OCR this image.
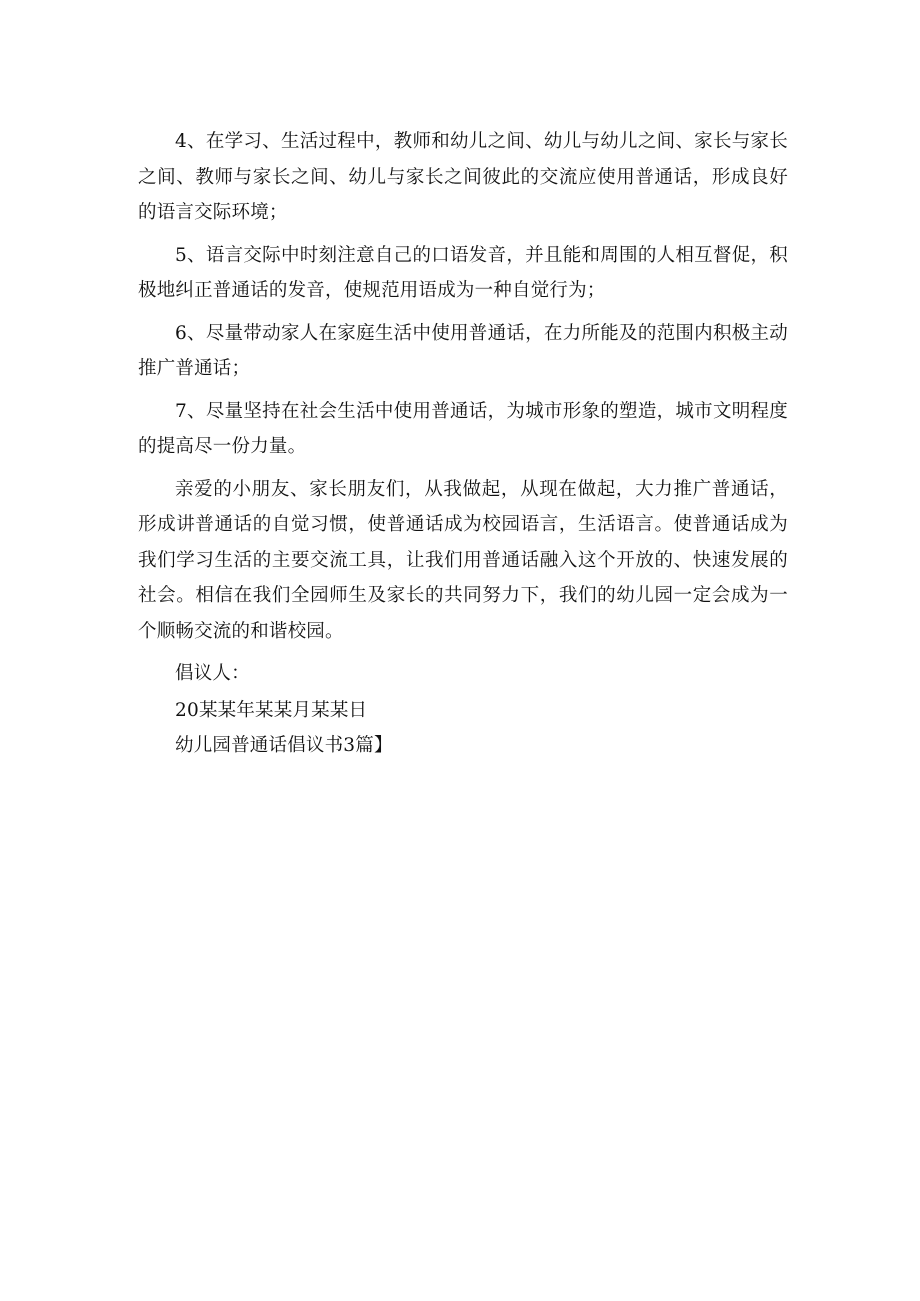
4、在学习、生活过程中，教师和幼儿之间、幼儿与幼儿之间、家长与家长之间、教师与家长之间、幼儿与家长之间彼此的交流应使用普通话，形成良好的语言交际环境；

5、语言交际中时刻注意自己的口语发音，并且能和周围的人相互督促，积极地纠正普通话的发音，使规范用语成为一种自觉行为；

6、尽量带动家人在家庭生活中使用普通话，在力所能及的范围内积极主动推广普通话；

7、尽量坚持在社会生活中使用普通话，为城市形象的塑造，城市文明程度的提高尽一份力量。

亲爱的小朋友、家长朋友们，从我做起，从现在做起，大力推广普通话，形成讲普通话的自觉习惯，使普通话成为校园语言，生活语言。使普通话成为我们学习生活的主要交流工具，让我们用普通话融入这个开放的、快速发展的社会。相信在我们全园师生及家长的共同努力下，我们的幼儿园一定会成为一个顺畅交流的和谐校园。

倡议人：

20某某年某某月某某日

幼儿园普通话倡议书3篇】
